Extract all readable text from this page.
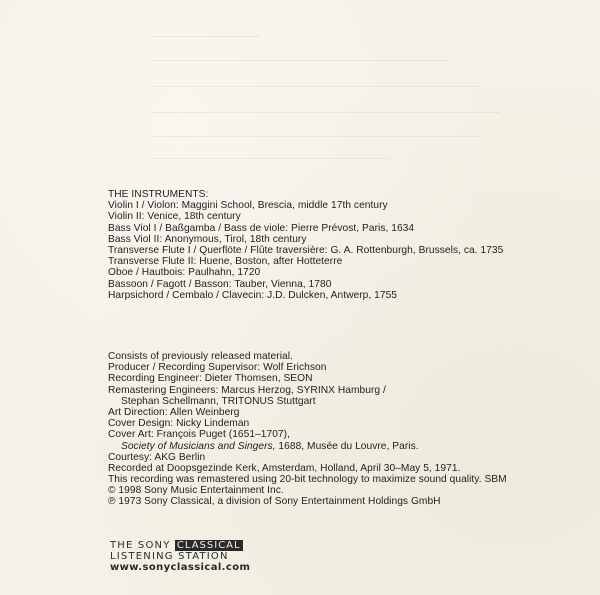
THE INSTRUMENTS:
Violin I / Violon: Maggini School, Brescia, middle 17th century
Violin II: Venice, 18th century
Bass Viol I / Baßgamba / Bass de viole: Pierre Prévost, Paris, 1634
Bass Viol II: Anonymous, Tirol, 18th century
Transverse Flute I / Querflöte / Flûte traversière: G. A. Rottenburgh, Brussels, ca. 1735
Transverse Flute II: Huene, Boston, after Hotteterre
Oboe / Hautbois: Paulhahn, 1720
Bassoon / Fagott / Basson: Tauber, Vienna, 1780
Harpsichord / Cembalo / Clavecin: J.D. Dulcken, Antwerp, 1755
Consists of previously released material.
Producer / Recording Supervisor: Wolf Erichson
Recording Engineer: Dieter Thomsen, SEON
Remastering Engineers: Marcus Herzog, SYRINX Hamburg /
Stephan Schellmann, TRITONUS Stuttgart
Art Direction: Allen Weinberg
Cover Design: Nicky Lindeman
Cover Art: François Puget (1651–1707),
Society of Musicians and Singers, 1688, Musée du Louvre, Paris.
Courtesy: AKG Berlin
Recorded at Doopsgezinde Kerk, Amsterdam, Holland, April 30–May 5, 1971.
This recording was remastered using 20-bit technology to maximize sound quality. SBM
© 1998 Sony Music Entertainment Inc.
℗ 1973 Sony Classical, a division of Sony Entertainment Holdings GmbH
THE SONY CLASSICAL
LISTENING STATION
www.sonyclassical.com
